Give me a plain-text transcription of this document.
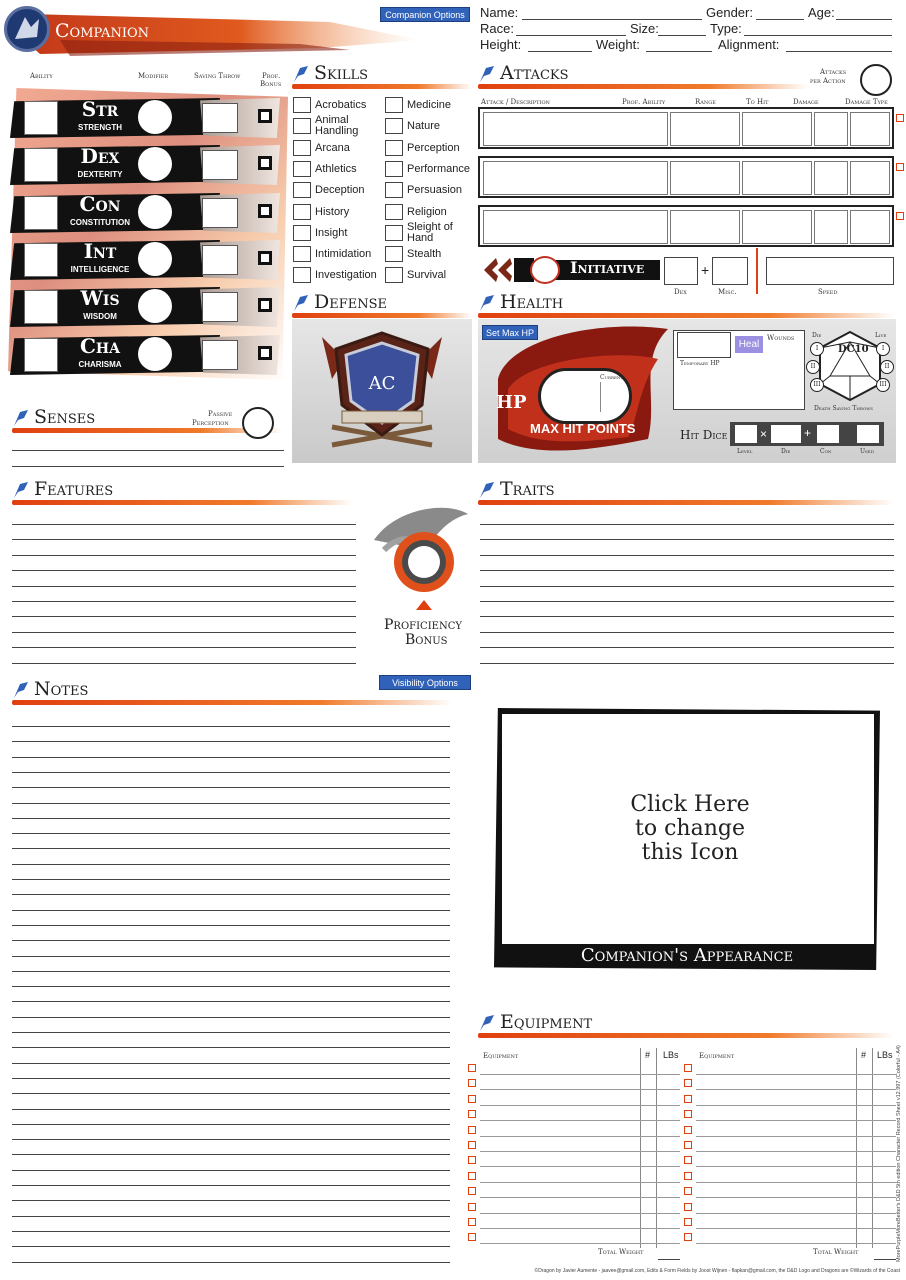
Companion
Companion Options	Name:	Gender:	Age:
Race:	Size:	Type:
Height:	Weight:	Alignment:
Ability	Modifier	Saving Throw	Prof.
Bonus
Str
STRENGTH
Dex
DEXTERITY
Con
CONSTITUTION
Int
INTELLIGENCE
Wis
WISDOM
Cha
CHARISMA
Senses	Passive
Perception
Skills
Acrobatics
Animal Handling
Arcana
Athletics
Deception
History
Insight
Intimidation
Investigation
Medicine
Nature
Perception
Performance
Persuasion
Religion
Sleight of Hand
Stealth
Survival
Defense
AC
Attacks	Attacks
per Action
Attack / Description	Prof. Ability	Range	To Hit	Damage	Damage Type
Initiative	+
Dex	Misc.	Speed
Health
Set Max HP
HP
Current
MAX HIT POINTS
Temporary HP
Heal
Wounds	Die	Live
DC10
I
II
III
I
II
III
Death Saving Throws
Hit Dice	×	+
Level	Die	Con	Used
Features
Proficiency
Bonus
Traits
Notes	Visibility Options
Click Here
to change
this Icon
Companion's Appearance
Equipment
Equipment	# LBs	Equipment	# LBs
Total Weight	Total Weight
©Dragon by Javier Aumente - jaavee@gmail.com, Edits & Form Fields by Joost Wijnen - flapkan@gmail.com, the D&D Logo and Dragons are ©Wizards of the Coast
MorePurpleMoreBetter's D&D 5th edition Character Record Sheet v12.997 (Colorful - A4)
